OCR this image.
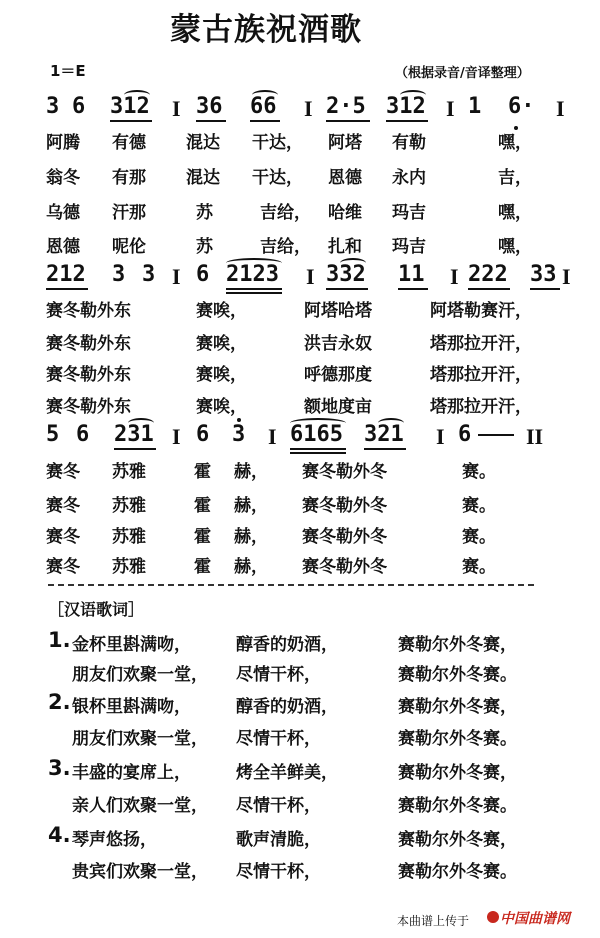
蒙古族祝酒歌
1＝E	（根据录音/音译整理）
3 6 312 I 36 66 I 2·5 312 I 1 6· I
阿腾 有德 混达 干达， 阿塔 有勒	嘿，
翁冬 有那 混达 干达， 恩德 永内	吉，
乌德 汗那	苏	吉给， 哈维 玛吉	嘿，
恩德 呢伦	苏	吉给， 扎和 玛吉	嘿，
212 3 3 I 6 2123 I 332 11 I 222 33 I
赛冬勒外东	赛唉，	阿塔哈塔	阿塔勒赛汗，
赛冬勒外东	赛唉，	洪吉永奴	塔那拉开汗，
赛冬勒外东	赛唉，	呼德那度	塔那拉开汗，
赛冬勒外东	赛唉，	额地度亩	塔那拉开汗，
5 6 231 I 6 3 I 6165 321 I 6 II
赛冬 苏雅	霍 赫， 赛冬勒外冬	赛。
赛冬 苏雅	霍 赫， 赛冬勒外冬	赛。
赛冬 苏雅	霍 赫， 赛冬勒外冬	赛。
赛冬 苏雅	霍 赫， 赛冬勒外冬	赛。
［汉语歌词］
1. 金杯里斟满吻，	醇香的奶酒，	赛勒尔外冬赛，
朋友们欢聚一堂， 尽情干杯，	赛勒尔外冬赛。
2. 银杯里斟满吻，	醇香的奶酒，	赛勒尔外冬赛，
朋友们欢聚一堂， 尽情干杯，	赛勒尔外冬赛。
3. 丰盛的宴席上，	烤全羊鲜美，	赛勒尔外冬赛，
亲人们欢聚一堂， 尽情干杯，	赛勒尔外冬赛。
4. 琴声悠扬，	歌声清脆，	赛勒尔外冬赛，
贵宾们欢聚一堂， 尽情干杯，	赛勒尔外冬赛。
本曲谱上传于 中国曲谱网
